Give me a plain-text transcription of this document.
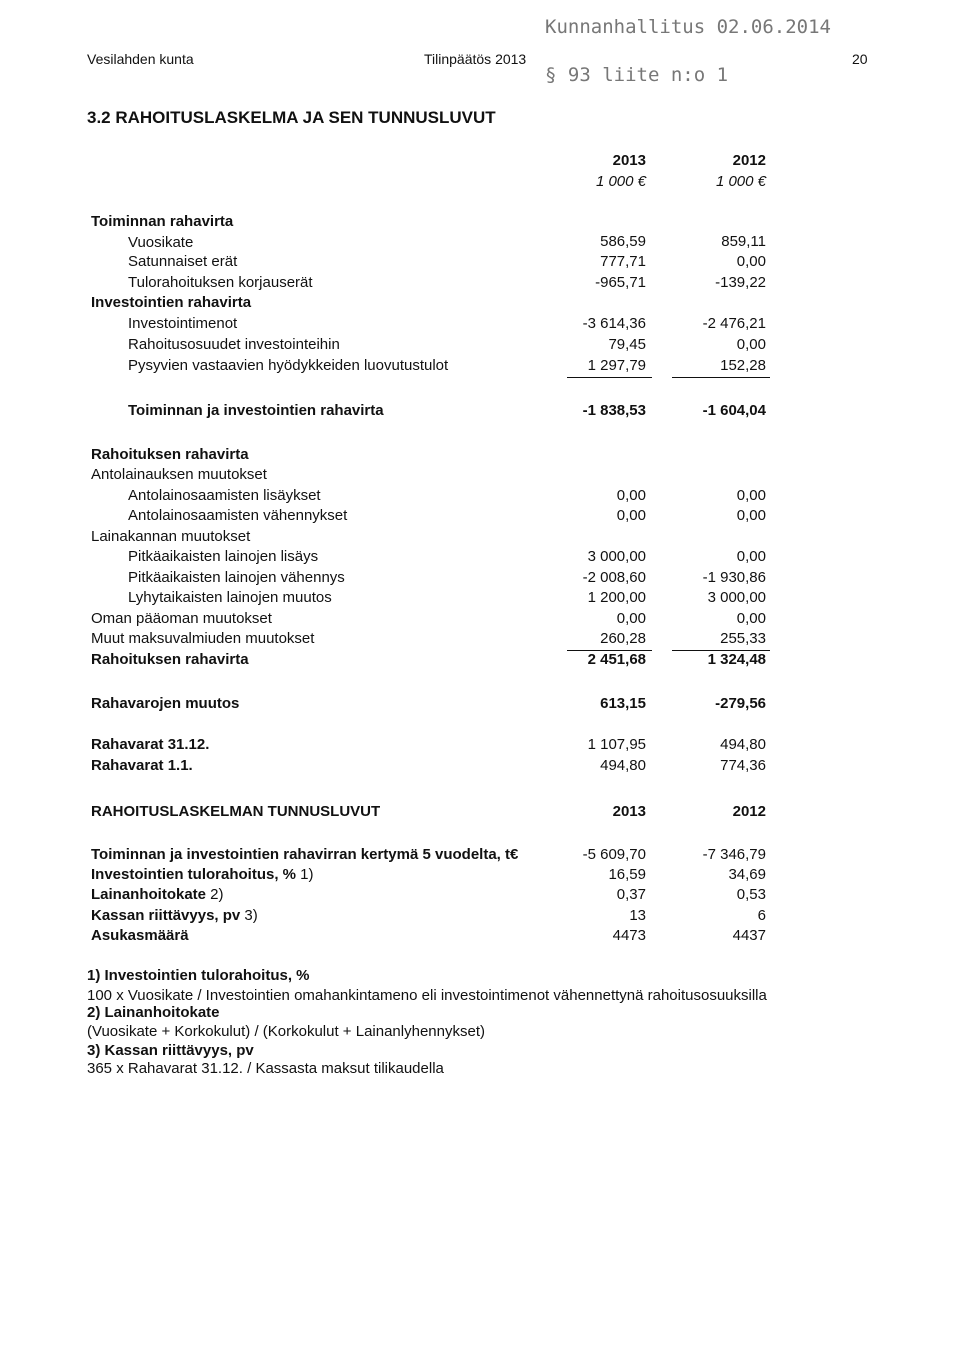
Kunnanhallitus 02.06.2014
§ 93 liite n:o 1
Vesilahden kunta	Tilinpäätös 2013	20
3.2 RAHOITUSLASKELMA JA SEN TUNNUSLUVUT
2013	2012
1 000 €	1 000 €
Toiminnan rahavirta
Vuosikate	586,59	859,11
Satunnaiset erät	777,71	0,00
Tulorahoituksen korjauserät	-965,71	-139,22
Investointien rahavirta
Investointimenot	-3 614,36	-2 476,21
Rahoitusosuudet investointeihin	79,45	0,00
Pysyvien vastaavien hyödykkeiden luovutustulot	1 297,79	152,28
Toiminnan ja investointien rahavirta	-1 838,53	-1 604,04
Rahoituksen rahavirta
Antolainauksen muutokset
Antolainosaamisten lisäykset	0,00	0,00
Antolainosaamisten vähennykset	0,00	0,00
Lainakannan muutokset
Pitkäaikaisten lainojen lisäys	3 000,00	0,00
Pitkäaikaisten lainojen vähennys	-2 008,60	-1 930,86
Lyhytaikaisten lainojen muutos	1 200,00	3 000,00
Oman pääoman muutokset	0,00	0,00
Muut maksuvalmiuden muutokset	260,28	255,33
Rahoituksen rahavirta	2 451,68	1 324,48
Rahavarojen muutos	613,15	-279,56
Rahavarat 31.12.	1 107,95	494,80
Rahavarat 1.1.	494,80	774,36
RAHOITUSLASKELMAN TUNNUSLUVUT	2013	2012
Toiminnan ja investointien rahavirran kertymä 5 vuodelta, t€	-5 609,70	-7 346,79
Investointien tulorahoitus, % 1)	16,59	34,69
Lainanhoitokate 2)	0,37	0,53
Kassan riittävyys, pv 3)	13	6
Asukasmäärä	4473	4437
1) Investointien tulorahoitus, %
100 x Vuosikate / Investointien omahankintameno eli investointimenot vähennettynä rahoitusosuuksilla
2) Lainanhoitokate
(Vuosikate + Korkokulut) / (Korkokulut + Lainanlyhennykset)
3) Kassan riittävyys, pv
365 x Rahavarat 31.12. / Kassasta maksut tilikaudella
